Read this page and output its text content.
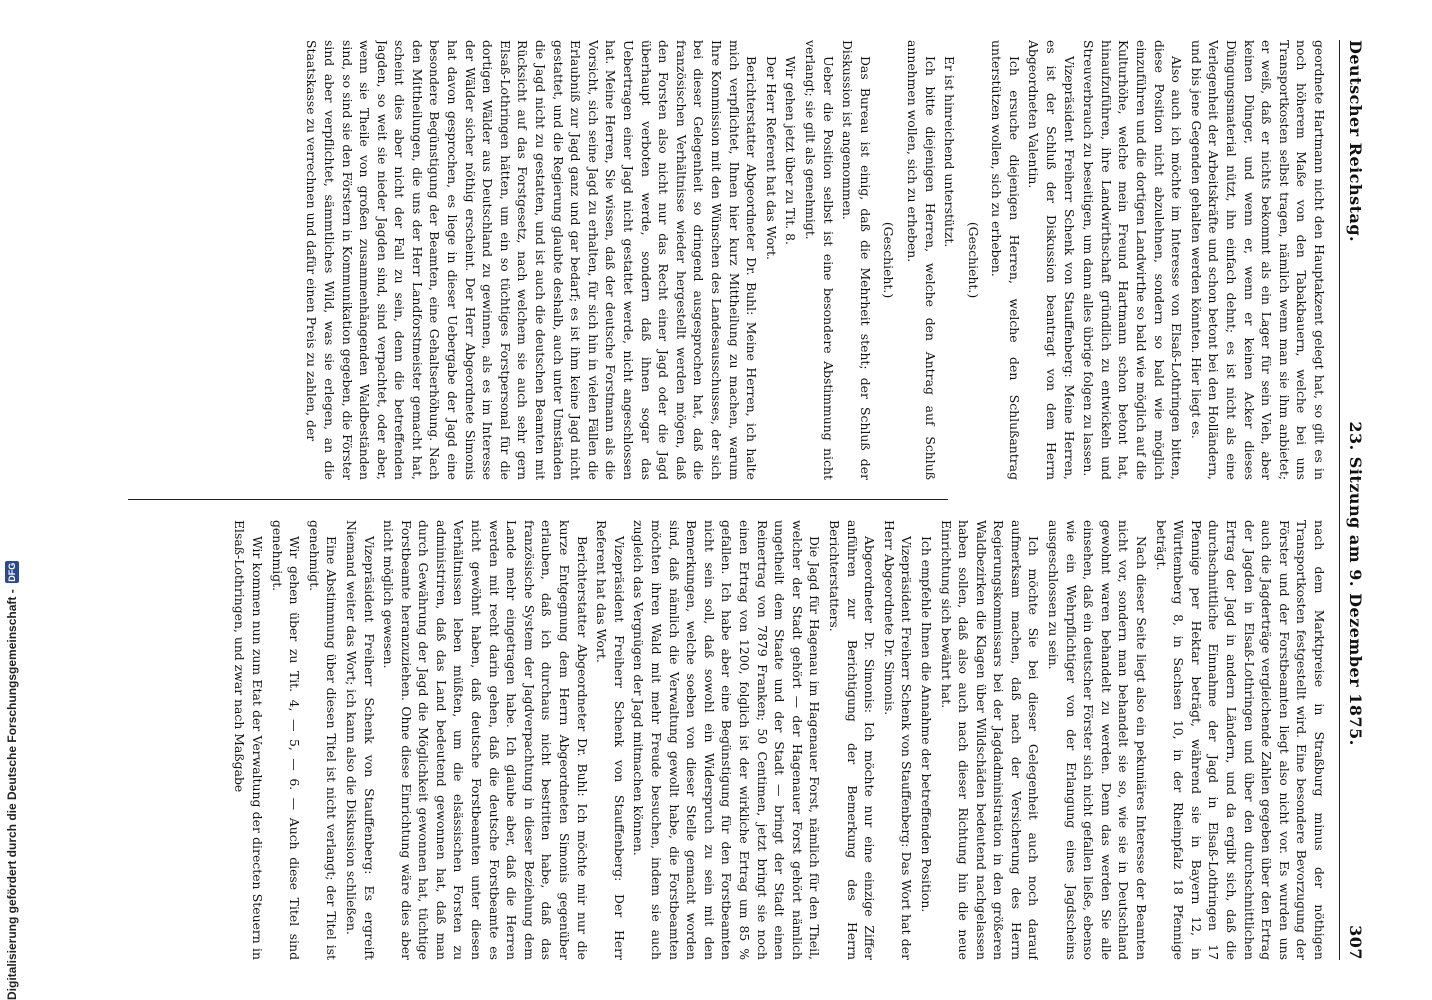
Deutscher Reichstag.
23. Sitzung am 9. Dezember 1875.
307

geordnete Hartmann nicht den Hauptakzent gelegt hat, so gilt es in noch höherem Maße von den Tabakbauern, welche bei uns Transportkosten selbst tragen, nämlich wenn man sie ihm anbietet; er weiß, daß er nichts bekommt als ein Lager für sein Vieh, aber keinen Dünger, und wenn er, wenn er keinen Acker dieses Düngungsmaterial nützt, ihn einfach dehnt; es ist nicht als eine Verlegenheit der Arbeitskräfte und schon betont bei den Holländern, und bis jene Gegenden gehalten werden könnten. Hier liegt es.

Also auch ich möchte im Interesse von Elsaß-Lothringen bitten, diese Position nicht abzulehnen, sondern so bald wie möglich einzuführen und die dortigen Landwirthe so bald wie möglich auf die Kulturhöhe, welche mein Freund Hartmann schon betont hat, hinaufzuführen, ihre Landwirthschaft gründlich zu entwickeln und Streuverbrauch zu beseitigen, um dann alles übrige folgen zu lassen.

Vizepräsident Freiherr Schenk von Stauffenberg: Meine Herren, es ist der Schluß der Diskussion beantragt von dem Herrn Abgeordneten Valentin.

Ich ersuche diejenigen Herren, welche den Schlußantrag unterstützen wollen, sich zu erheben.

(Geschieht.)

Er ist hinreichend unterstützt.

Ich bitte diejenigen Herren, welche den Antrag auf Schluß annehmen wollen, sich zu erheben.

(Geschieht.)

Das Bureau ist einig, daß die Mehrheit steht; der Schluß der Diskussion ist angenommen.

Ueber die Position selbst ist eine besondere Abstimmung nicht verlangt; sie gilt als genehmigt.

Wir gehen jetzt über zu Tit. 8.

Der Herr Referent hat das Wort.

Berichterstatter Abgeordneter Dr. Buhl: Meine Herren, ich halte mich verpflichtet, Ihnen hier kurz Mittheilung zu machen, warum Ihre Kommission mit den Wünschen des Landesausschusses, der sich bei dieser Gelegenheit so dringend ausgesprochen hat, daß die französischen Verhältnisse wieder hergestellt werden mögen, daß den Forsten also nicht nur das Recht einer Jagd oder die Jagd überhaupt verboten werde, sondern daß ihnen sogar das Uebertragen einer Jagd nicht gestattet werde, nicht angeschlossen hat. Meine Herren, Sie wissen, daß der deutsche Forstmann als die Vorsicht, sich seine Jagd zu erhalten, für sich hin in vielen Fällen die Erlaubniß zur Jagd ganz und gar bedarf; es ist ihm keine Jagd nicht gestattet, und die Regierung glaubte deshalb, auch unter Umständen die Jagd nicht zu gestatten, und ist auch die deutschen Beamten mit Rücksicht auf das Forstgesetz, nach welchem sie auch sehr gern Elsaß-Lothringen hätten, um ein so tüchtiges Forstpersonal für die dortigen Wälder aus Deutschland zu gewinnen, als es im Interesse der Wälder sicher nöthig erscheint. Der Herr Abgeordnete Simonis hat davon gesprochen, es liege in dieser Uebergabe der Jagd eine besondere Begünstigung der Beamten, eine Gehaltserhöhung. Nach den Mittheilungen, die uns der Herr Landforstmeister gemacht hat, scheint dies aber nicht der Fall zu sein, denn die betreffenden Jagden, so weit sie nieder Jagden sind, sind verpachtet, oder aber, wenn sie Theile von großen zusammenhängenden Waldbeständen sind, so sind sie den Förstern in Kommunikation gegeben, die Förster sind aber verpflichtet, sämmtliches Wild, was sie erlegen, an die Staatskasse zu verrechnen und dafür einen Preis zu zahlen, der

nach dem Marktpreise in Straßburg minus der nöthigen Transportkosten festgestellt wird. Eine besondere Bevorzugung der Förster und der Forstbeamten liegt also nicht vor. Es wurden uns auch die Jagderträge vergleichende Zahlen gegeben über den Ertrag der Jagden in Elsaß-Lothringen und über den durchschnittlichen Ertrag der Jagd in andern Ländern, und da ergibt sich, daß die durchschnittliche Einnahme der Jagd in Elsaß-Lothringen 17 Pfennige per Hektar beträgt, während sie in Bayern 12, in Württemberg 8, in Sachsen 10, in der Rheinpfalz 18 Pfennige beträgt.

Nach dieser Seite liegt also ein pekuniäres Interesse der Beamten nicht vor, sondern man behandelt sie so, wie sie in Deutschland gewohnt waren behandelt zu werden. Denn das werden Sie alle einsehen, daß ein deutscher Förster sich nicht gefallen ließe, ebenso wie ein Wehrpflichtiger von der Erlangung eines Jagdscheins ausgeschlossen zu sein.

Ich möchte Sie bei dieser Gelegenheit auch noch darauf aufmerksam machen, daß nach der Versicherung des Herrn Regierungskommissars bei der Jagdadministration in den größeren Waldbezirken die Klagen über Wildschäden bedeutend nachgelassen haben sollen, daß also auch nach dieser Richtung hin die neue Einrichtung sich bewährt hat.

Ich empfehle Ihnen die Annahme der betreffenden Position.

Vizepräsident Freiherr Schenk von Stauffenberg: Das Wort hat der Herr Abgeordnete Dr. Simonis.

Abgeordneter Dr. Simonis: Ich möchte nur eine einzige Ziffer anführen zur Berichtigung der Bemerkung des Herrn Berichterstatters.

Die Jagd für Hagenau im Hagenauer Forst, nämlich für den Theil, welcher der Stadt gehört — der Hagenauer Forst gehört nämlich ungetheilt dem Staate und der Stadt — bringt der Stadt einen Reinertrag von 7879 Franken; 50 Centimen, jetzt bringt sie noch einen Ertrag von 1200, folglich ist der wirkliche Ertrag um 85 % gefallen. Ich habe aber eine Begünstigung für den Forstbeamten nicht sein soll, daß sowohl ein Widerspruch zu sein mit den Bemerkungen, welche soeben von dieser Stelle gemacht worden sind, daß nämlich die Verwaltung gewollt habe, die Forstbeamten möchten ihren Wald mit mehr Freude besuchen, indem sie auch zugleich das Vergnügen der Jagd mitmachen können.

Vizepräsident Freiherr Schenk von Stauffenberg: Der Herr Referent hat das Wort.

Berichterstatter Abgeordneter Dr. Buhl: Ich möchte mir nur die kurze Entgegnung dem Herrn Abgeordneten Simonis gegenüber erlauben, daß ich durchaus nicht bestritten habe, daß das französische System der Jagdverpachtung in dieser Beziehung dem Lande mehr eingetragen habe. Ich glaube aber, daß die Herren werden mit recht darin gehen, daß die deutsche Forstbeamte es nicht gewöhnt haben, daß deutsche Forstbeamten unter diesen Verhältnissen leben müßten, um die elsässischen Forsten zu administriren, daß das Land bedeutend gewonnen hat, daß man durch Gewährung der Jagd die Möglichkeit gewonnen hat, tüchtige Forstbeamte heranzuziehen. Ohne diese Einrichtung wäre dies aber nicht möglich gewesen.

Vizepräsident Freiherr Schenk von Stauffenberg: Es ergreift Niemand weiter das Wort; ich kann also die Diskussion schließen.

Eine Abstimmung über diesen Titel ist nicht verlangt; der Titel ist genehmigt.

Wir gehen über zu Tit. 4, — 5, — 6. — Auch diese Titel sind genehmigt.

Wir kommen nun zum Etat der Verwaltung der directen Steuern in Elsaß-Lothringen, und zwar nach Maßgabe

Digitalisierung gefördert durch die Deutsche Forschungsgemeinschaft -
DFG
